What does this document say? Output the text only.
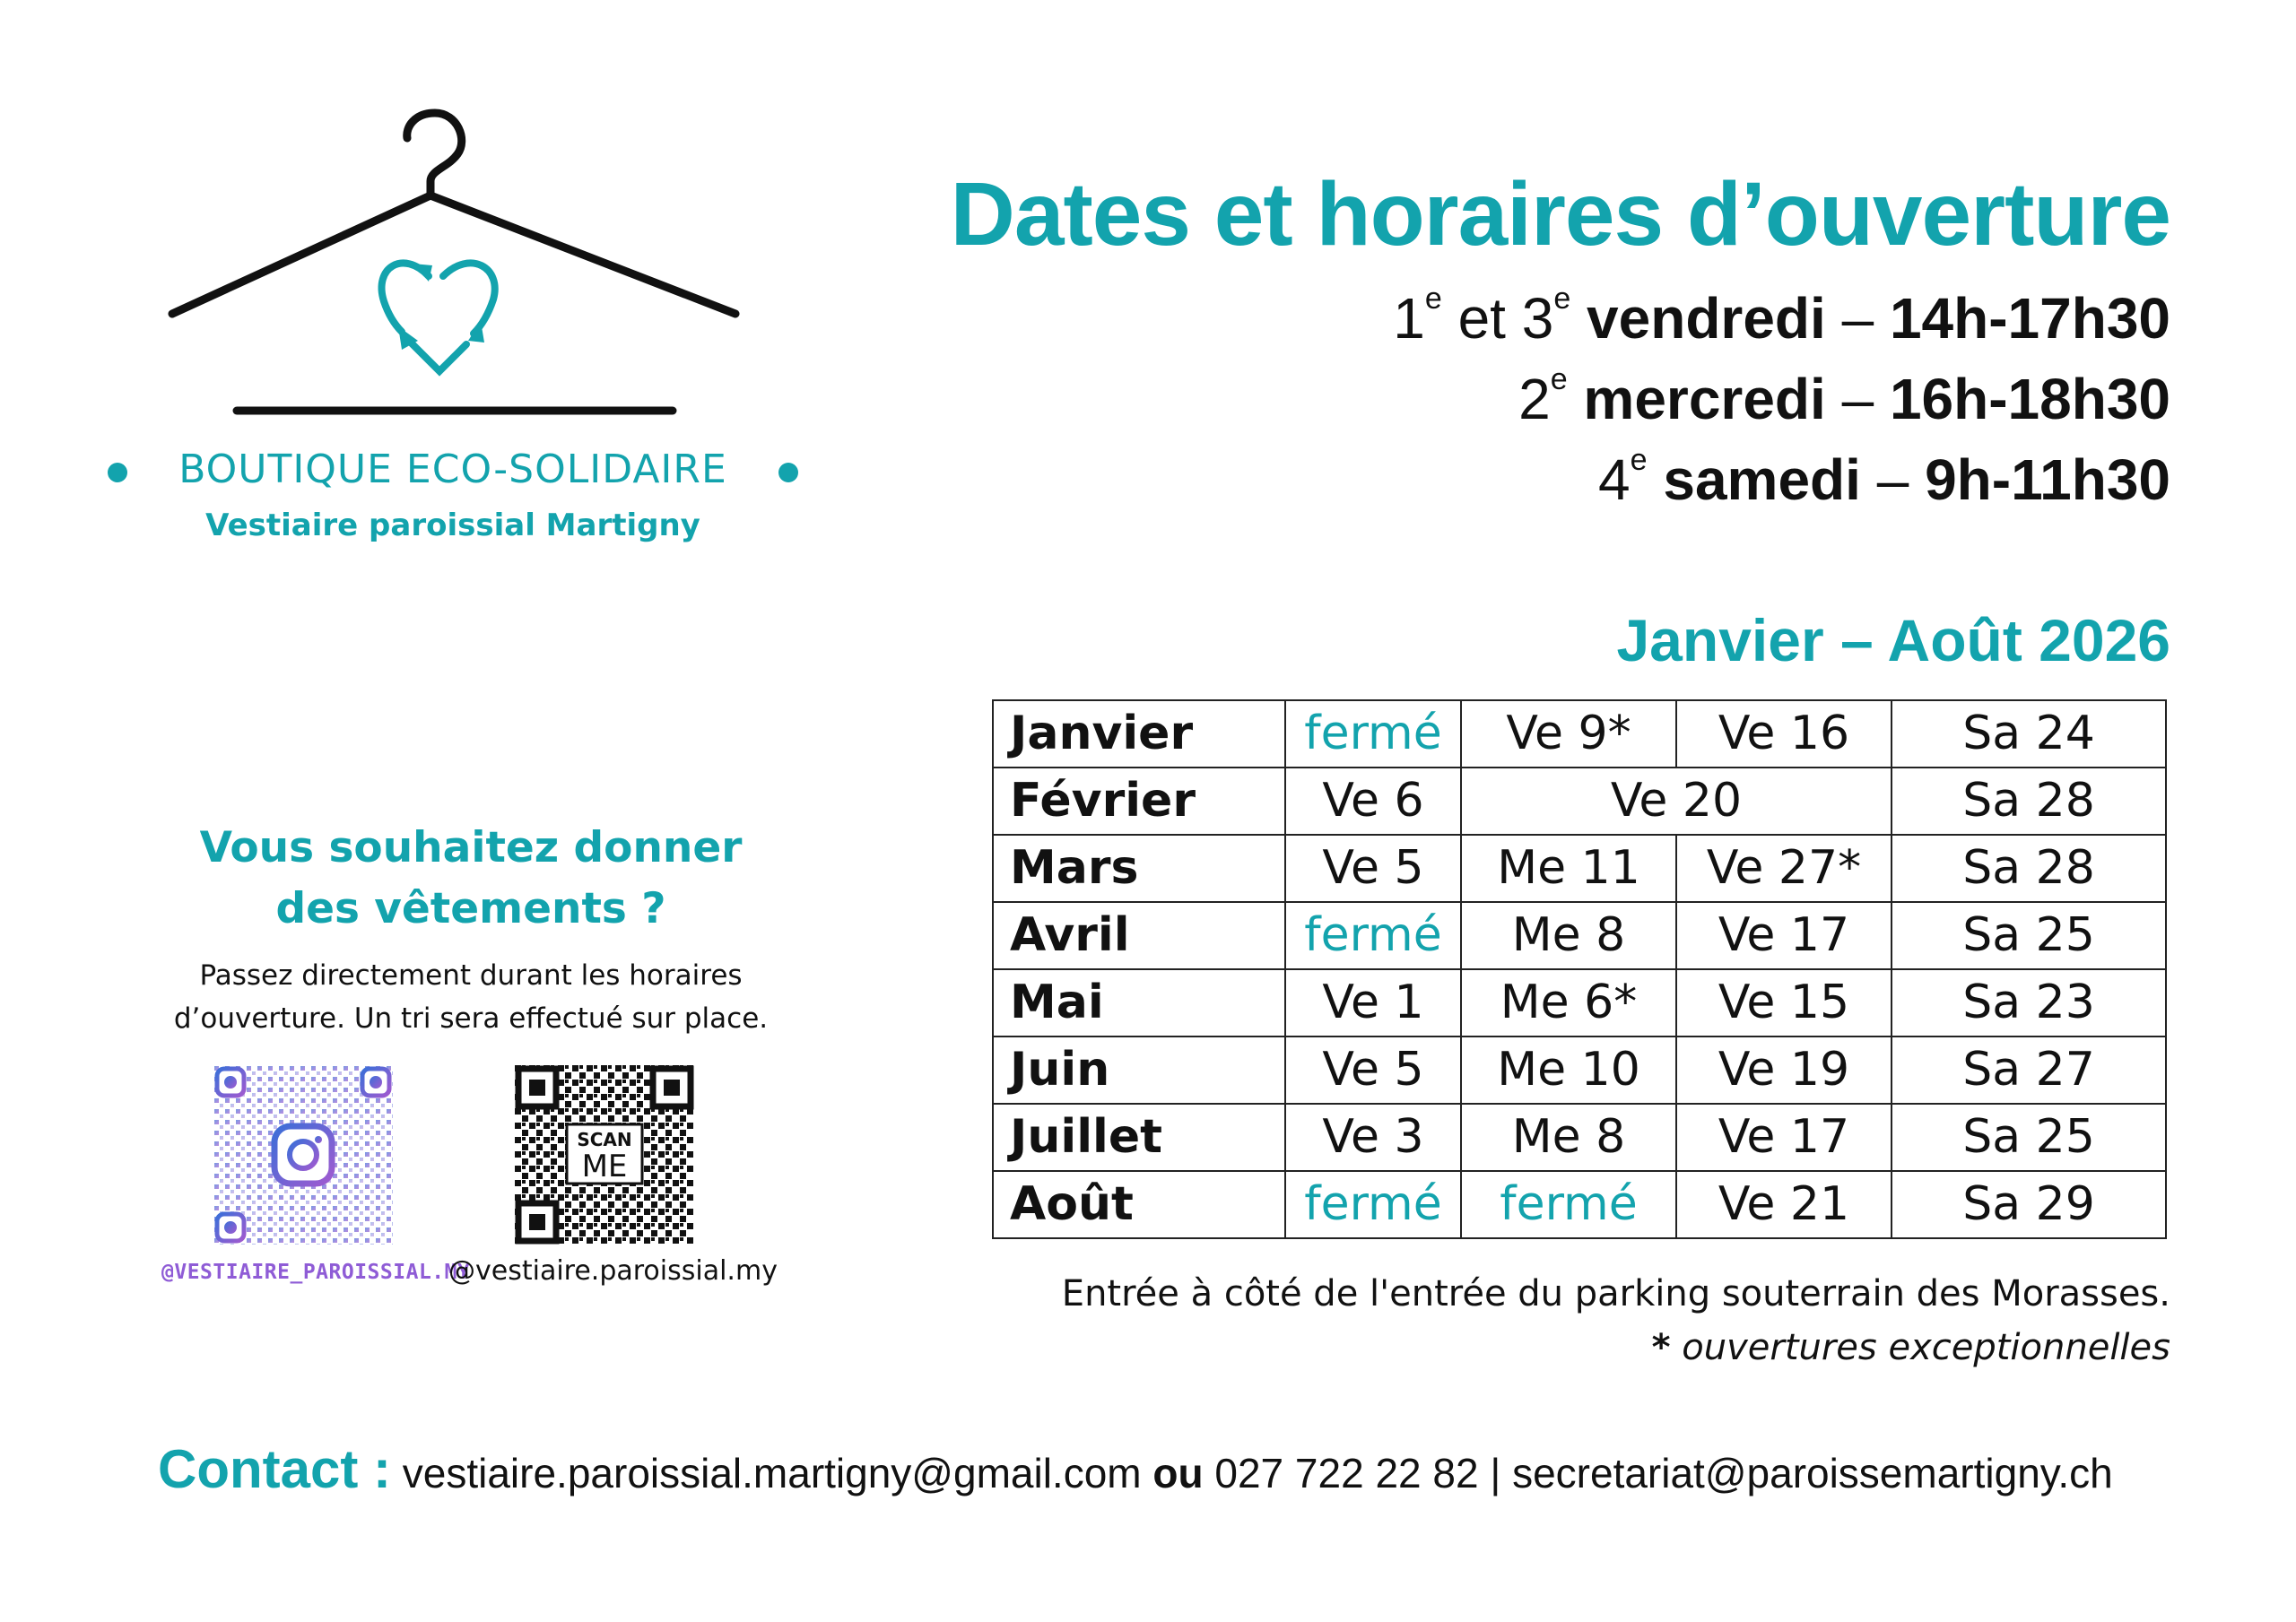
BOUTIQUE ECO-SOLIDAIRE
Vestiaire paroissial Martigny
Dates et horaires d’ouverture
1e et 3e vendredi – 14h-17h30
2e mercredi – 16h-18h30
4e samedi – 9h-11h30
Janvier – Août 2026
Janvier	fermé	Ve 9*	Ve 16	Sa 24
Février	Ve 6	Ve 20		Sa 28
Mars	Ve 5	Me 11	Ve 27*	Sa 28
Avril	fermé	Me 8	Ve 17	Sa 25
Mai	Ve 1	Me 6*	Ve 15	Sa 23
Juin	Ve 5	Me 10	Ve 19	Sa 27
Juillet	Ve 3	Me 8	Ve 17	Sa 25
Août	fermé	fermé	Ve 21	Sa 29
Entrée à côté de l'entrée du parking souterrain des Morasses.
* ouvertures exceptionnelles
Vous souhaitez donner
des vêtements ?
Passez directement durant les horaires
d’ouverture. Un tri sera effectué sur place.
SCAN
ME
@VESTIAIRE_PAROISSIAL.MY
@vestiaire.paroissial.my
Contact : vestiaire.paroissial.martigny@gmail.com ou 027 722 22 82 | secretariat@paroissemartigny.ch
